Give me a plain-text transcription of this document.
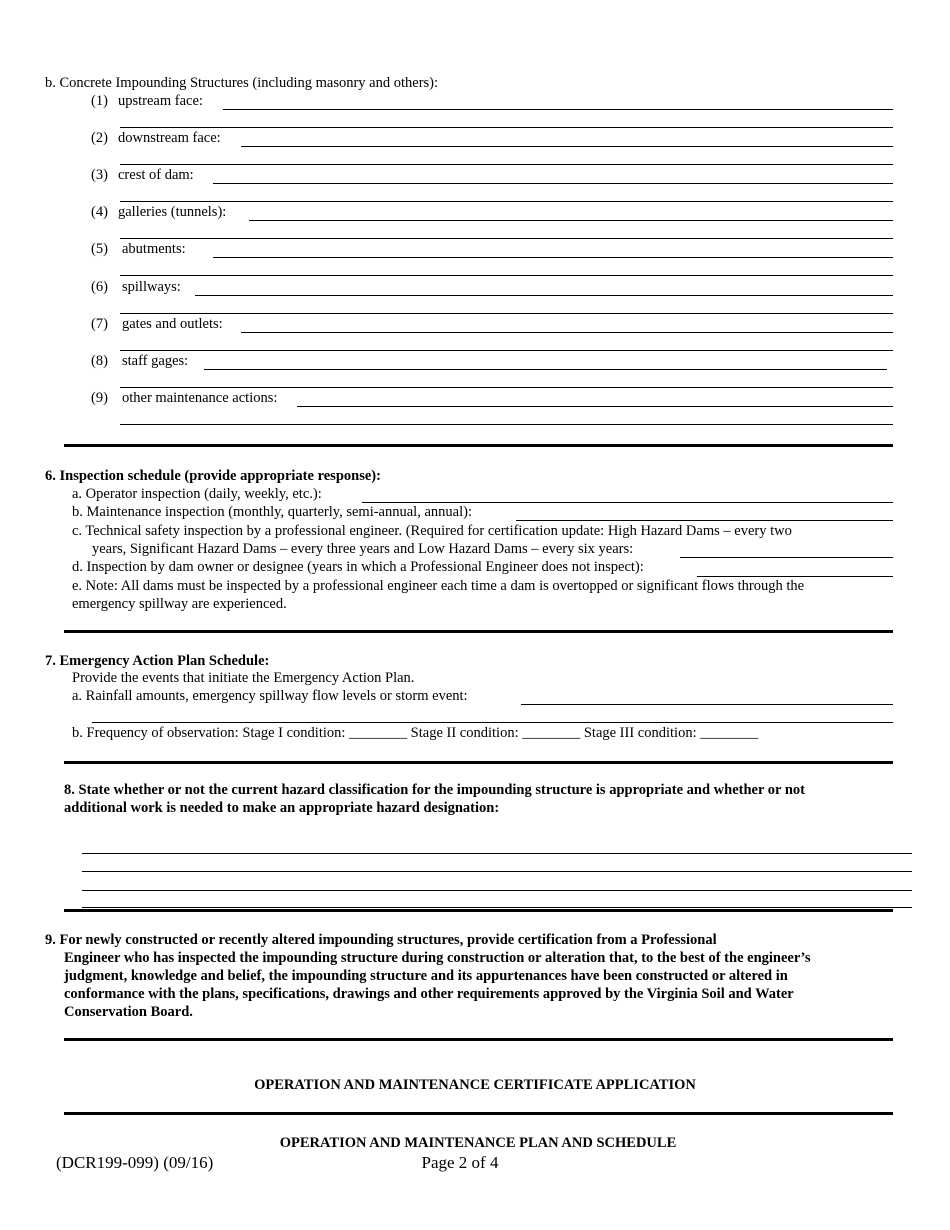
b. Concrete Impounding Structures (including masonry and others):
(1) upstream face:
(2) downstream face:
(3) crest of dam:
(4) galleries (tunnels):
(5) abutments:
(6) spillways:
(7) gates and outlets:
(8) staff gages:
(9) other maintenance actions:
6. Inspection schedule (provide appropriate response):
a. Operator inspection (daily, weekly, etc.):
b. Maintenance inspection (monthly, quarterly, semi-annual, annual):
c. Technical safety inspection by a professional engineer. (Required for certification update: High Hazard Dams – every two
years, Significant Hazard Dams – every three years and Low Hazard Dams – every six years:
d. Inspection by dam owner or designee (years in which a Professional Engineer does not inspect):
e. Note: All dams must be inspected by a professional engineer each time a dam is overtopped or significant flows through the
emergency spillway are experienced.
7. Emergency Action Plan Schedule:
Provide the events that initiate the Emergency Action Plan.
a. Rainfall amounts, emergency spillway flow levels or storm event:
b. Frequency of observation: Stage I condition: ________ Stage II condition: ________ Stage III condition: ________
8. State whether or not the current hazard classification for the impounding structure is appropriate and whether or not
additional work is needed to make an appropriate hazard designation:
9. For newly constructed or recently altered impounding structures, provide certification from a Professional
Engineer who has inspected the impounding structure during construction or alteration that, to the best of the engineer’s
judgment, knowledge and belief, the impounding structure and its appurtenances have been constructed or altered in
conformance with the plans, specifications, drawings and other requirements approved by the Virginia Soil and Water
Conservation Board.
OPERATION AND MAINTENANCE CERTIFICATE APPLICATION
OPERATION AND MAINTENANCE PLAN AND SCHEDULE
(DCR199-099) (09/16)	Page 2 of 4
